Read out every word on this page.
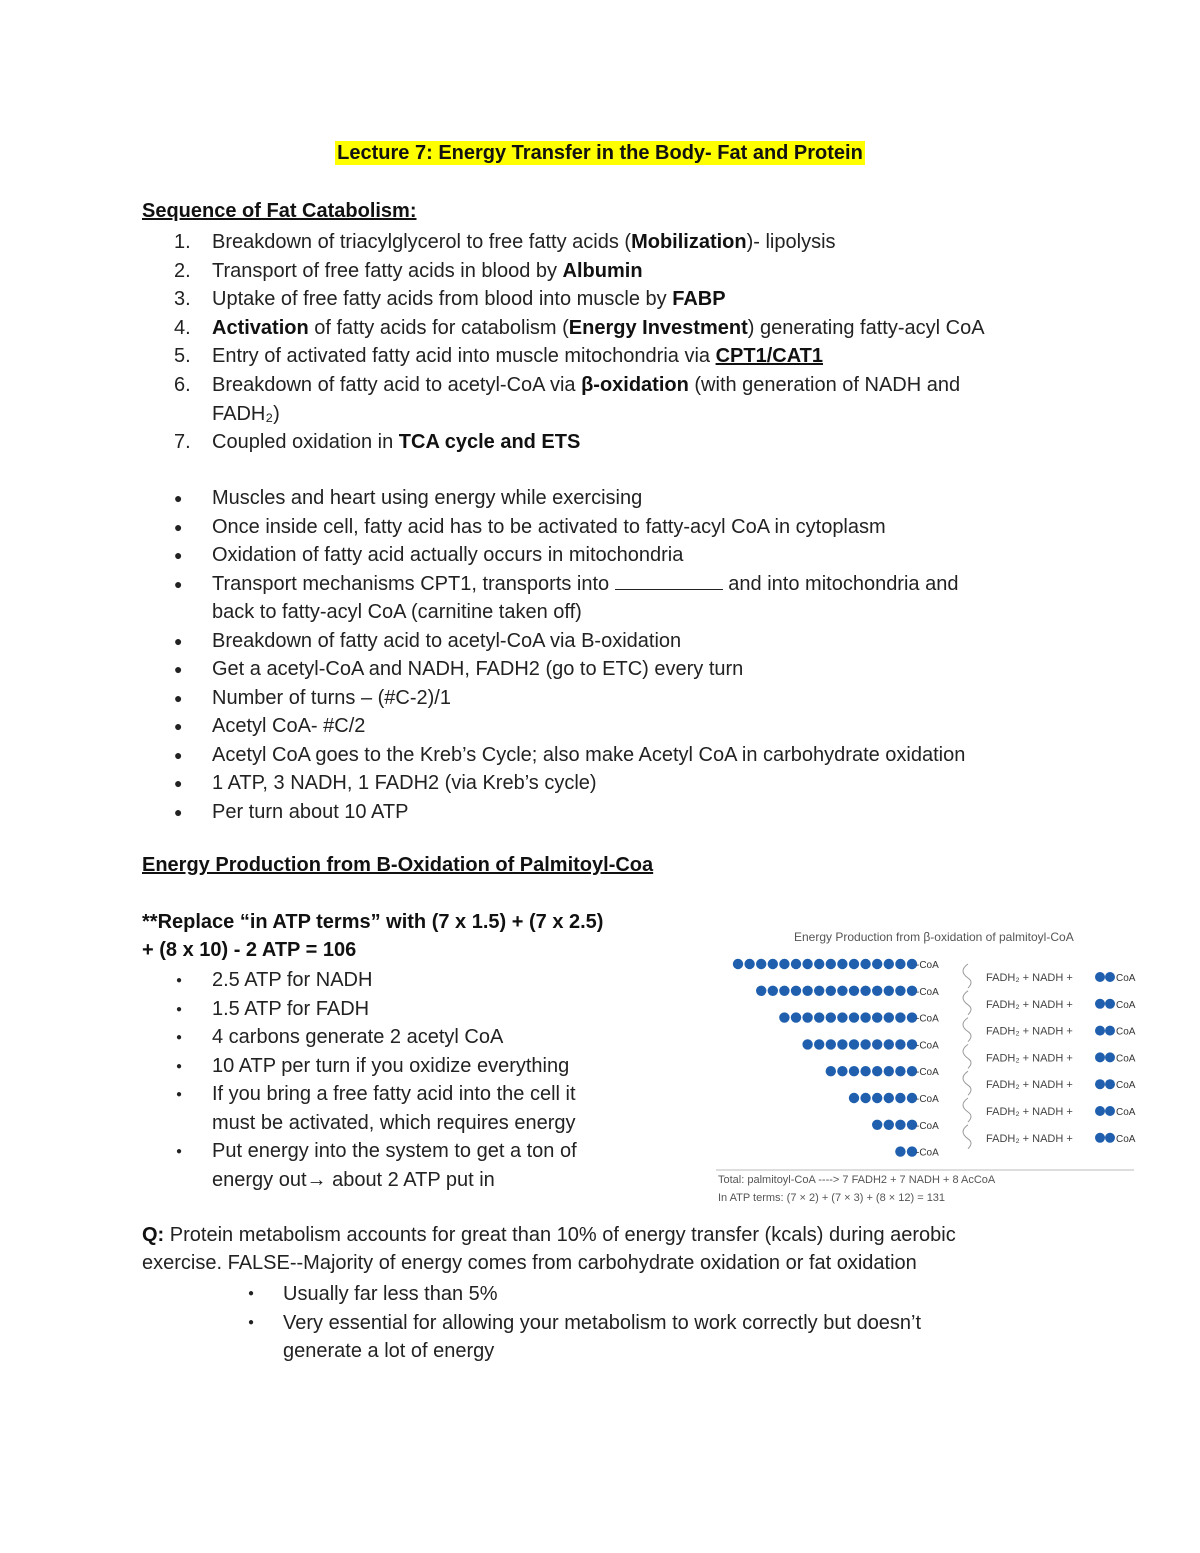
Lecture 7: Energy Transfer in the Body- Fat and Protein
Sequence of Fat Catabolism:
1.	Breakdown of triacylglycerol to free fatty acids (Mobilization)- lipolysis
2.	Transport of free fatty acids in blood by Albumin
3.	Uptake of free fatty acids from blood into muscle by FABP
4.	Activation of fatty acids for catabolism (Energy Investment) generating fatty-acyl CoA
5.	Entry of activated fatty acid into muscle mitochondria via CPT1/CAT1
6.	Breakdown of fatty acid to acetyl-CoA via β-oxidation (with generation of NADH and
FADH₂)
7.	Coupled oxidation in TCA cycle and ETS
● Muscles and heart using energy while exercising
● Once inside cell, fatty acid has to be activated to fatty-acyl CoA in cytoplasm
● Oxidation of fatty acid actually occurs in mitochondria
● Transport mechanisms CPT1, transports into	and into mitochondria and
back to fatty-acyl CoA (carnitine taken off)
● Breakdown of fatty acid to acetyl-CoA via B-oxidation
● Get a acetyl-CoA and NADH, FADH2 (go to ETC) every turn
● Number of turns – (#C-2)/1
● Acetyl CoA- #C/2
● Acetyl CoA goes to the Kreb’s Cycle; also make Acetyl CoA in carbohydrate oxidation
● 1 ATP, 3 NADH, 1 FADH2 (via Kreb’s cycle)
● Per turn about 10 ATP
Energy Production from B-Oxidation of Palmitoyl-Coa
**Replace “in ATP terms” with (7 x 1.5) + (7 x 2.5)
+ (8 x 10) - 2 ATP = 106
● 2.5 ATP for NADH
● 1.5 ATP for FADH
● 4 carbons generate 2 acetyl CoA
● 10 ATP per turn if you oxidize everything
● If you bring a free fatty acid into the cell it
must be activated, which requires energy
● Put energy into the system to get a ton of
energy out→ about 2 ATP put in
Energy Production from β-oxidation of palmitoyl-CoA
-CoA
FADH₂ + NADH +	CoA
-CoA
FADH₂ + NADH +	CoA
-CoA
FADH₂ + NADH +	CoA
-CoA
FADH₂ + NADH +	CoA
-CoA
FADH₂ + NADH +	CoA
-CoA
FADH₂ + NADH +	CoA
-CoA
FADH₂ + NADH +	CoA
-CoA
Total: palmitoyl-CoA ----> 7 FADH2 + 7 NADH + 8 AcCoA
In ATP terms: (7 × 2) + (7 × 3) + (8 × 12) = 131
Q: Protein metabolism accounts for great than 10% of energy transfer (kcals) during aerobic
exercise. FALSE--Majority of energy comes from carbohydrate oxidation or fat oxidation
● Usually far less than 5%
● Very essential for allowing your metabolism to work correctly but doesn’t
generate a lot of energy
